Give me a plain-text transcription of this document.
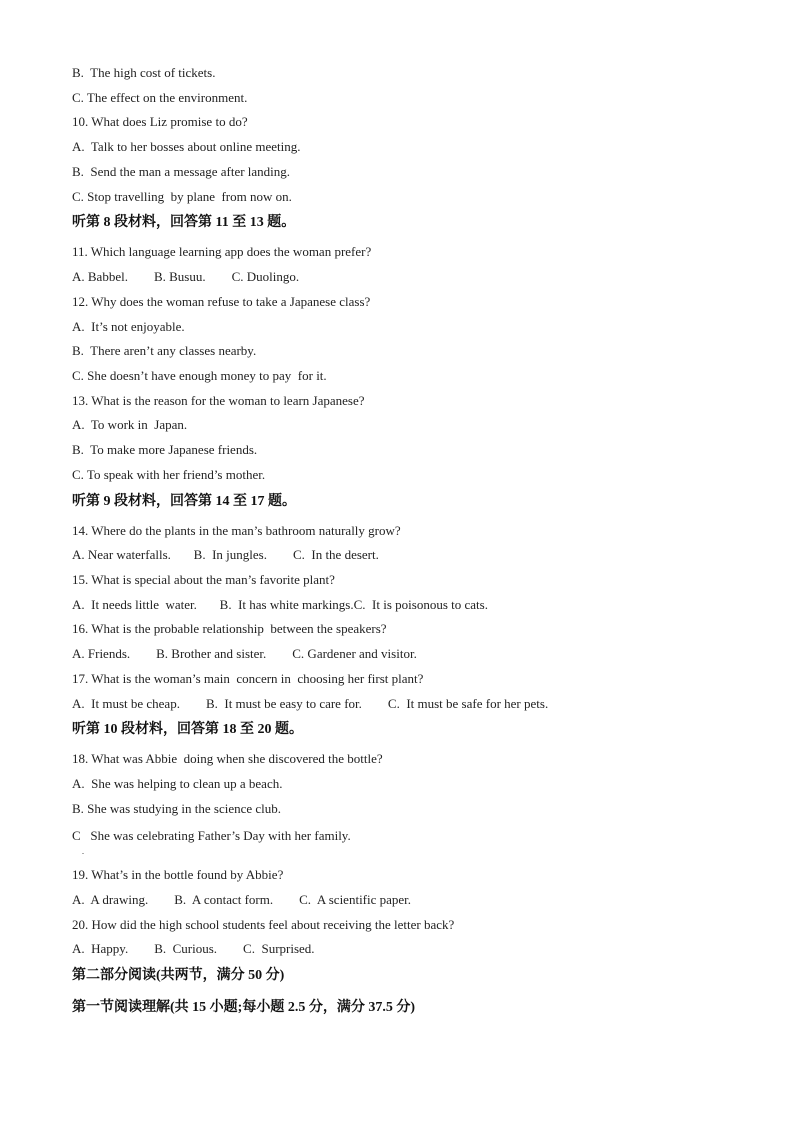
B.  The high cost of tickets.
C. The effect on the environment.
10. What does Liz promise to do?
A.  Talk to her bosses about online meeting.
B.  Send the man a message after landing.
C. Stop travelling  by plane  from now on.
听第 8 段材料，回答第 11 至 13 题。
11. Which language learning app does the woman prefer?
A. Babbel.        B. Busuu.        C. Duolingo.
12. Why does the woman refuse to take a Japanese class?
A.  It’s not enjoyable.
B.  There aren’t any classes nearby.
C. She doesn’t have enough money to pay  for it.
13. What is the reason for the woman to learn Japanese?
A.  To work in  Japan.
B.  To make more Japanese friends.
C. To speak with her friend’s mother.
听第 9 段材料，回答第 14 至 17 题。
14. Where do the plants in the man’s bathroom naturally grow?
A. Near waterfalls.       B.  In jungles.        C.  In the desert.
15. What is special about the man’s favorite plant?
A.  It needs little  water.       B.  It has white markings.C.  It is poisonous to cats.
16. What is the probable relationship  between the speakers?
A. Friends.        B. Brother and sister.        C. Gardener and visitor.
17. What is the woman’s main  concern in  choosing her first plant?
A.  It must be cheap.        B.  It must be easy to care for.        C.  It must be safe for her pets.
听第 10 段材料，回答第 18 至 20 题。
18. What was Abbie  doing when she discovered the bottle?
A.  She was helping to clean up a beach.
B. She was studying in the science club.
C   She was celebrating Father’s Day with her family.
.
19. What’s in the bottle found by Abbie?
A.  A drawing.        B.  A contact form.        C.  A scientific paper.
20. How did the high school students feel about receiving the letter back?
A.  Happy.        B.  Curious.        C.  Surprised.
第二部分阅读(共两节，满分 50 分)
第一节阅读理解(共 15 小题;每小题 2.5 分，满分 37.5 分)
